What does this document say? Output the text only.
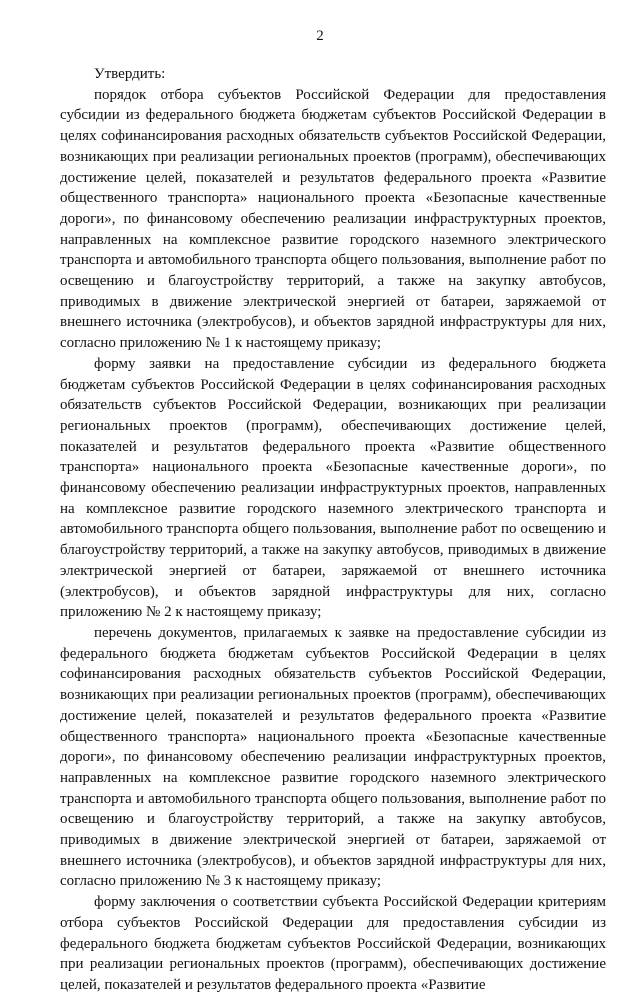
2
Утвердить:

порядок отбора субъектов Российской Федерации для предоставления субсидии из федерального бюджета бюджетам субъектов Российской Федерации в целях софинансирования расходных обязательств субъектов Российской Федерации, возникающих при реализации региональных проектов (программ), обеспечивающих достижение целей, показателей и результатов федерального проекта «Развитие общественного транспорта» национального проекта «Безопасные качественные дороги», по финансовому обеспечению реализации инфраструктурных проектов, направленных на комплексное развитие городского наземного электрического транспорта и автомобильного транспорта общего пользования, выполнение работ по освещению и благоустройству территорий, а также на закупку автобусов, приводимых в движение электрической энергией от батареи, заряжаемой от внешнего источника (электробусов), и объектов зарядной инфраструктуры для них, согласно приложению № 1 к настоящему приказу;

форму заявки на предоставление субсидии из федерального бюджета бюджетам субъектов Российской Федерации в целях софинансирования расходных обязательств субъектов Российской Федерации, возникающих при реализации региональных проектов (программ), обеспечивающих достижение целей, показателей и результатов федерального проекта «Развитие общественного транспорта» национального проекта «Безопасные качественные дороги», по финансовому обеспечению реализации инфраструктурных проектов, направленных на комплексное развитие городского наземного электрического транспорта и автомобильного транспорта общего пользования, выполнение работ по освещению и благоустройству территорий, а также на закупку автобусов, приводимых в движение электрической энергией от батареи, заряжаемой от внешнего источника (электробусов), и объектов зарядной инфраструктуры для них, согласно приложению № 2 к настоящему приказу;

перечень документов, прилагаемых к заявке на предоставление субсидии из федерального бюджета бюджетам субъектов Российской Федерации в целях софинансирования расходных обязательств субъектов Российской Федерации, возникающих при реализации региональных проектов (программ), обеспечивающих достижение целей, показателей и результатов федерального проекта «Развитие общественного транспорта» национального проекта «Безопасные качественные дороги», по финансовому обеспечению реализации инфраструктурных проектов, направленных на комплексное развитие городского наземного электрического транспорта и автомобильного транспорта общего пользования, выполнение работ по освещению и благоустройству территорий, а также на закупку автобусов, приводимых в движение электрической энергией от батареи, заряжаемой от внешнего источника (электробусов), и объектов зарядной инфраструктуры для них, согласно приложению № 3 к настоящему приказу;

форму заключения о соответствии субъекта Российской Федерации критериям отбора субъектов Российской Федерации для предоставления субсидии из федерального бюджета бюджетам субъектов Российской Федерации, возникающих при реализации региональных проектов (программ), обеспечивающих достижение целей, показателей и результатов федерального проекта «Развитие
